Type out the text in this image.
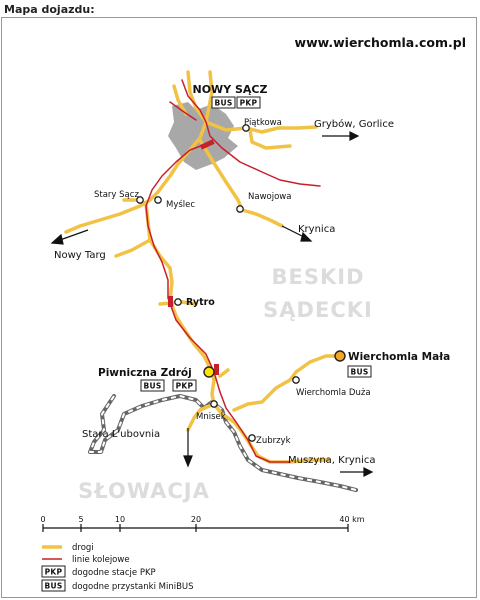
Mapa dojazdu:
www.wierchomla.com.pl
BESKID
SĄDECKI
SŁOWACJA
NOWY SĄCZ
Piątkowa	Grybów, Gorlice
Stary Sącz
Myślec
Nawojowa
Krynica
Nowy Targ
Rytro
Piwniczna Zdrój
Wierchomla Mała
Wierchomla Duża
Mnisek
Zubrzyk
Stara L'ubovnia
Muszyna, Krynica
BUS PKP
BUS PKP
BUS
0	5	10	20	40 km
drogi
linie kolejowe
PKP dogodne stacje PKP
BUS dogodne przystanki MiniBUS
